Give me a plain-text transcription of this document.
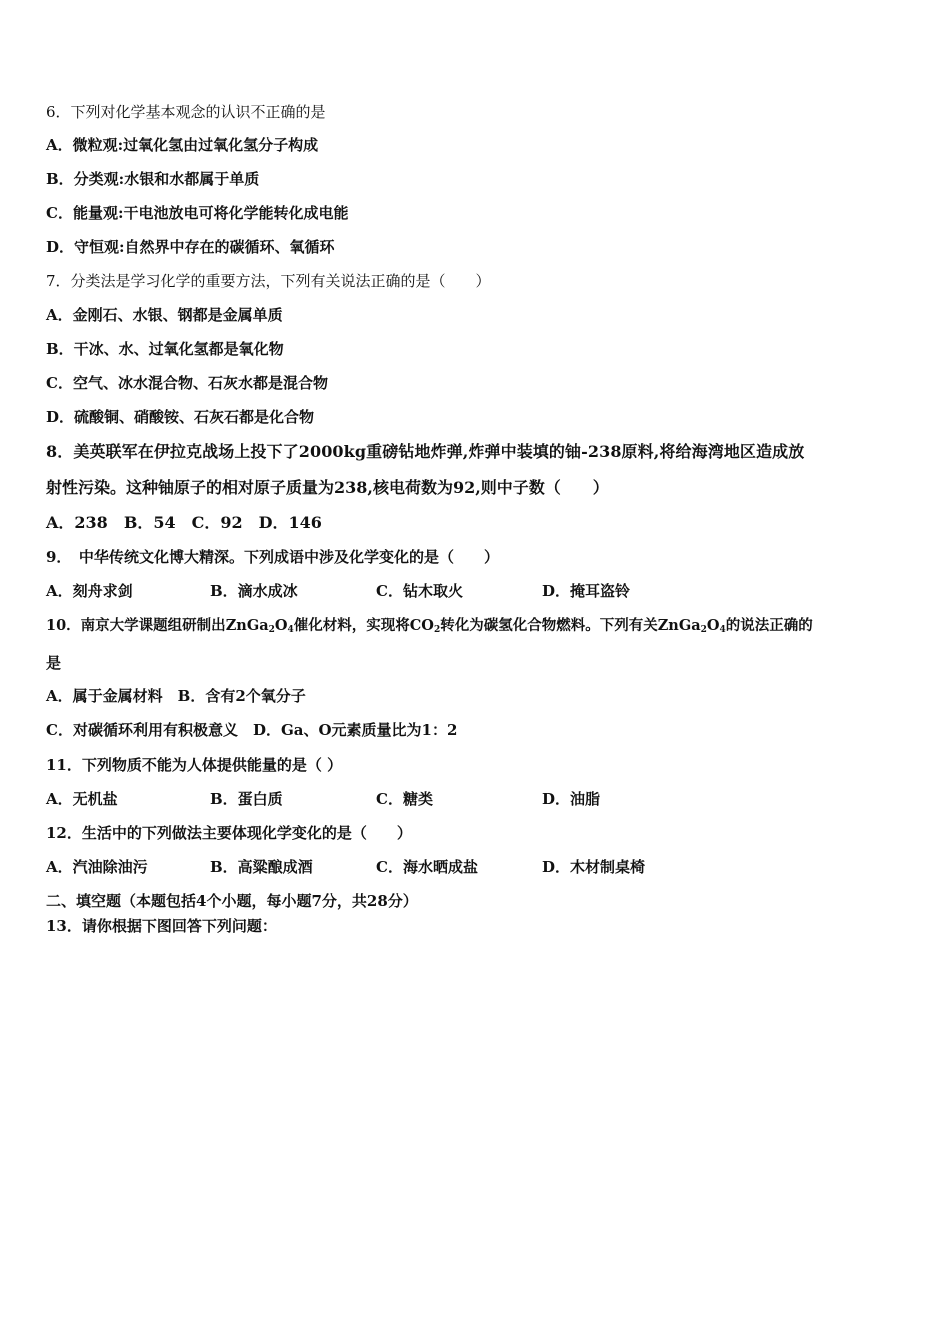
6．下列对化学基本观念的认识不正确的是
A．微粒观:过氧化氢由过氧化氢分子构成
B．分类观:水银和水都属于单质
C．能量观:干电池放电可将化学能转化成电能
D．守恒观:自然界中存在的碳循环、氧循环
7．分类法是学习化学的重要方法，下列有关说法正确的是（　　）
A．金刚石、水银、钢都是金属单质
B．干冰、水、过氧化氢都是氧化物
C．空气、冰水混合物、石灰水都是混合物
D．硫酸铜、硝酸铵、石灰石都是化合物
8．美英联军在伊拉克战场上投下了2000kg重磅钻地炸弹,炸弹中装填的铀-238原料,将给海湾地区造成放
射性污染。这种铀原子的相对原子质量为238,核电荷数为92,则中子数（　　）
A．238　B．54　C．92　D．146
9．　中华传统文化博大精深。下列成语中涉及化学变化的是（　　）
A．刻舟求剑	B．滴水成冰	C．钻木取火	D．掩耳盗铃
10．南京大学课题组研制出$ZnGa_2O_4$催化材料，实现将$CO_2$转化为碳氢化合物燃料。下列有关$ZnGa_2O_4$的说法正确的
是
A．属于金属材料　B．含有2个氧分子
C．对碳循环利用有积极意义　D．Ga、O元素质量比为1：2
11．下列物质不能为人体提供能量的是（ ）
A．无机盐	B．蛋白质	C．糖类	D．油脂
12．生活中的下列做法主要体现化学变化的是（　　）
A．汽油除油污	B．高粱酿成酒	C．海水晒成盐	D．木材制桌椅
二、填空题（本题包括4个小题，每小题7分，共28分）
13．请你根据下图回答下列问题：
